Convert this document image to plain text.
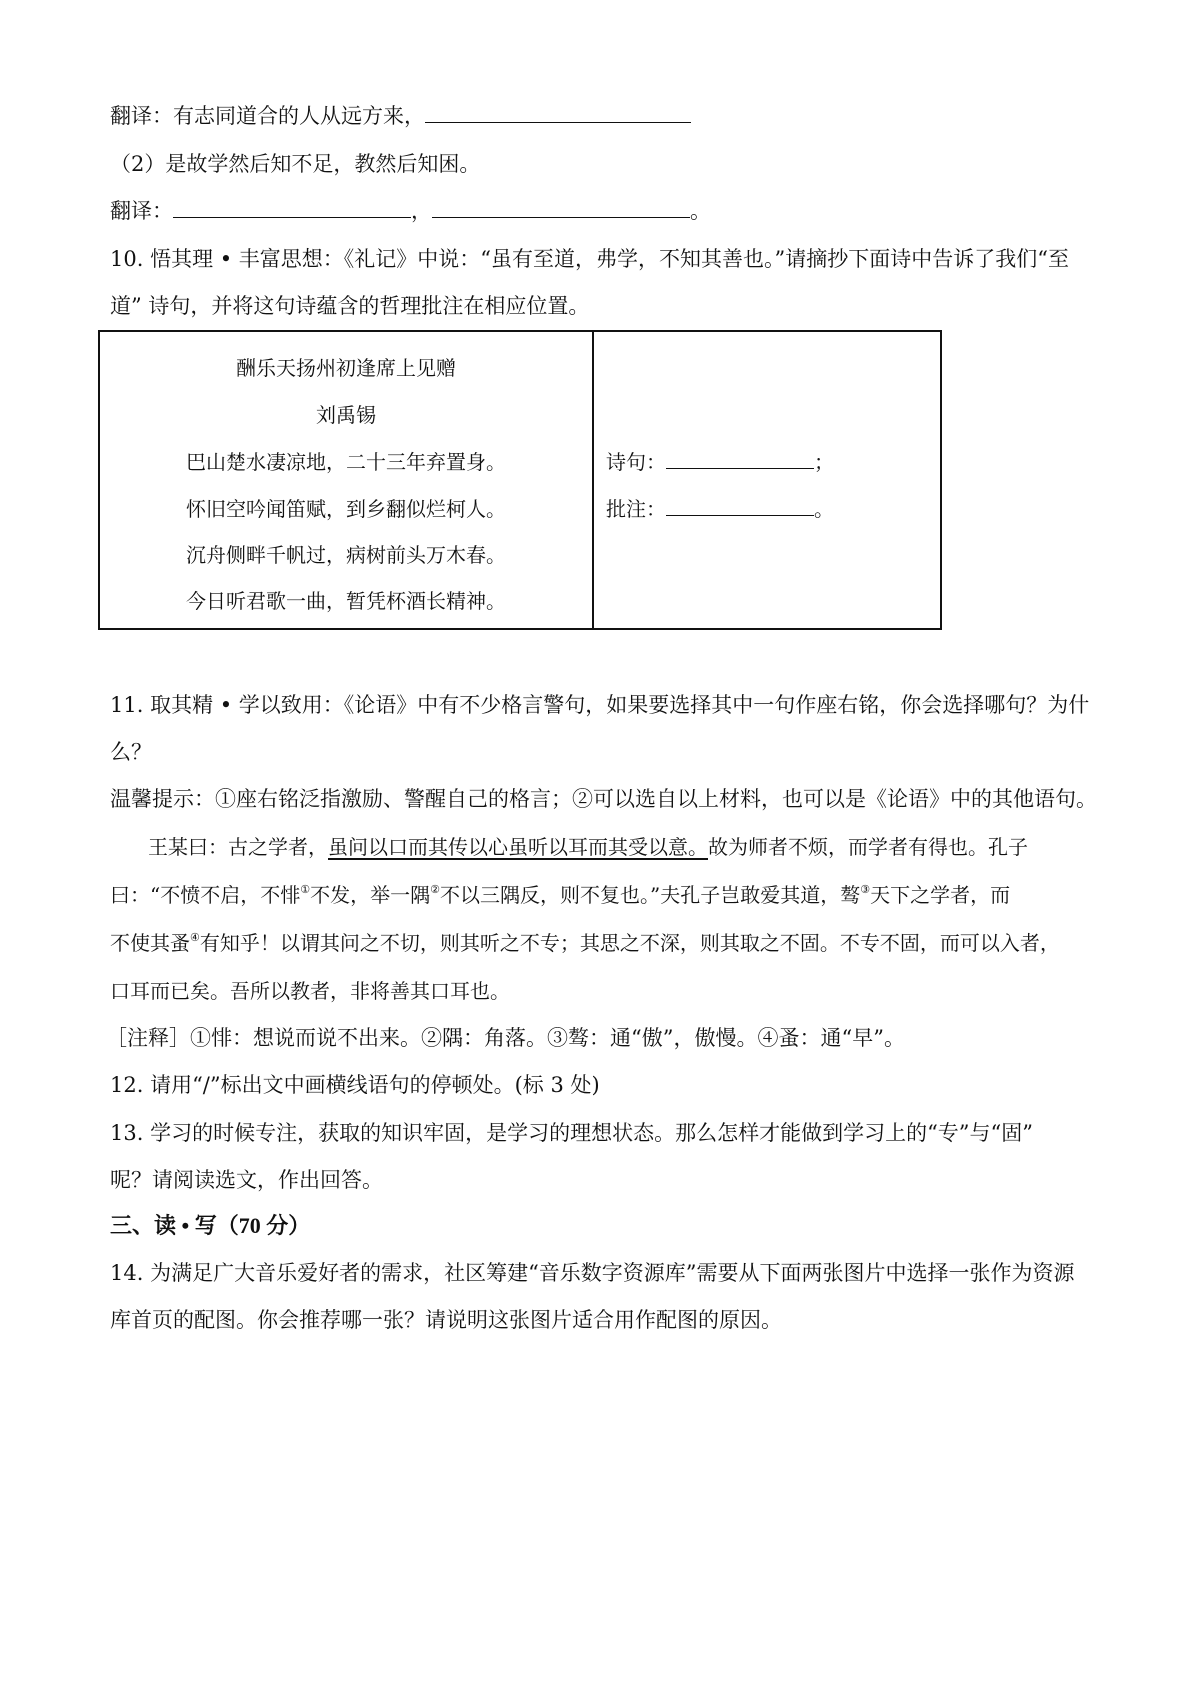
翻译：有志同道合的人从远方来，
（2）是故学然后知不足，教然后知困。
翻译：	，	。
10. 悟其理 • 丰富思想：《礼记》中说：“虽有至道，弗学，不知其善也。”请摘抄下面诗中告诉了我们“至
道” 诗句，并将这句诗蕴含的哲理批注在相应位置。
酬乐天扬州初逢席上见赠
刘禹锡
巴山楚水凄凉地，二十三年弃置身。
怀旧空吟闻笛赋，到乡翻似烂柯人。
沉舟侧畔千帆过，病树前头万木春。
今日听君歌一曲，暂凭杯酒长精神。
诗句：	；
批注：	。
11. 取其精 • 学以致用：《论语》中有不少格言警句，如果要选择其中一句作座右铭，你会选择哪句？为什
么？
温馨提示：①座右铭泛指激励、警醒自己的格言；②可以选自以上材料，也可以是《论语》中的其他语句。
王某曰：古之学者，虽问以口而其传以心虽听以耳而其受以意。故为师者不烦，而学者有得也。孔子
曰：“不愤不启，不悱①不发，举一隅②不以三隅反，则不复也。”夫孔子岂敢爱其道，骜③天下之学者，而
不使其蚤④有知乎！以谓其问之不切，则其听之不专；其思之不深，则其取之不固。不专不固，而可以入者，
口耳而已矣。吾所以教者，非将善其口耳也。
［注释］①悱：想说而说不出来。②隅：角落。③骜：通“傲”，傲慢。④蚤：通“早”。
12. 请用“/”标出文中画横线语句的停顿处。(标 3 处)
13. 学习的时候专注，获取的知识牢固，是学习的理想状态。那么怎样才能做到学习上的“专”与“固”
呢？请阅读选文，作出回答。
三、读 • 写（70 分）
14. 为满足广大音乐爱好者的需求，社区筹建“音乐数字资源库”需要从下面两张图片中选择一张作为资源
库首页的配图。你会推荐哪一张？请说明这张图片适合用作配图的原因。
